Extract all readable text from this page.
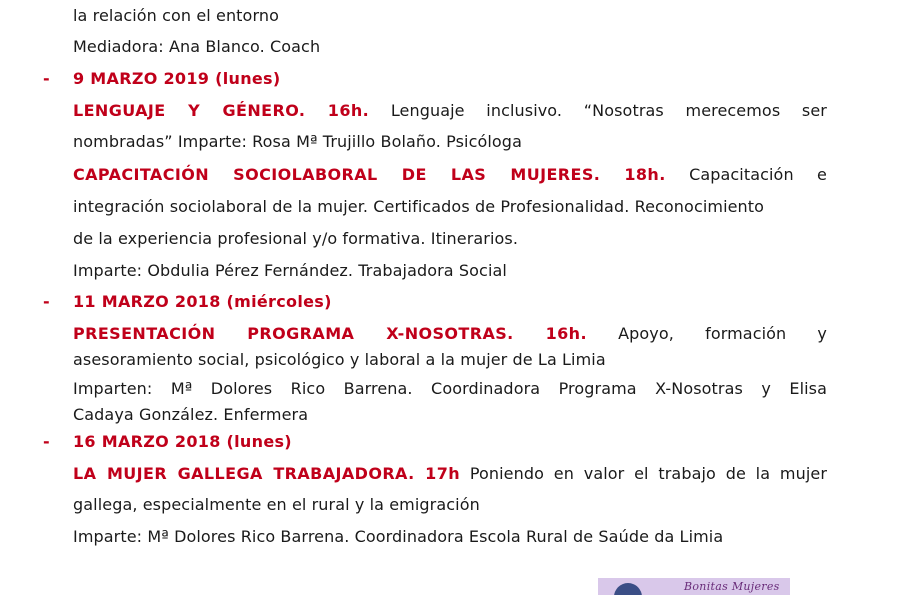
la relación con el entorno
Mediadora: Ana Blanco. Coach
- 9 MARZO 2019 (lunes)
LENGUAJE Y GÉNERO. 16h. Lenguaje inclusivo. “Nosotras merecemos ser
nombradas” Imparte: Rosa Mª Trujillo Bolaño. Psicóloga
CAPACITACIÓN SOCIOLABORAL DE LAS MUJERES. 18h. Capacitación e
integración sociolaboral de la mujer. Certificados de Profesionalidad. Reconocimiento
de la experiencia profesional y/o formativa. Itinerarios.
Imparte: Obdulia Pérez Fernández. Trabajadora Social
- 11 MARZO 2018 (miércoles)
PRESENTACIÓN PROGRAMA X-NOSOTRAS. 16h. Apoyo, formación y
asesoramiento social, psicológico y laboral a la mujer de La Limia
Imparten: Mª Dolores Rico Barrena. Coordinadora Programa X-Nosotras y Elisa
Cadaya González. Enfermera
- 16 MARZO 2018 (lunes)
LA MUJER GALLEGA TRABAJADORA. 17h Poniendo en valor el trabajo de la mujer
gallega, especialmente en el rural y la emigración
Imparte: Mª Dolores Rico Barrena. Coordinadora Escola Rural de Saúde da Limia
Bonitas Mujeres
